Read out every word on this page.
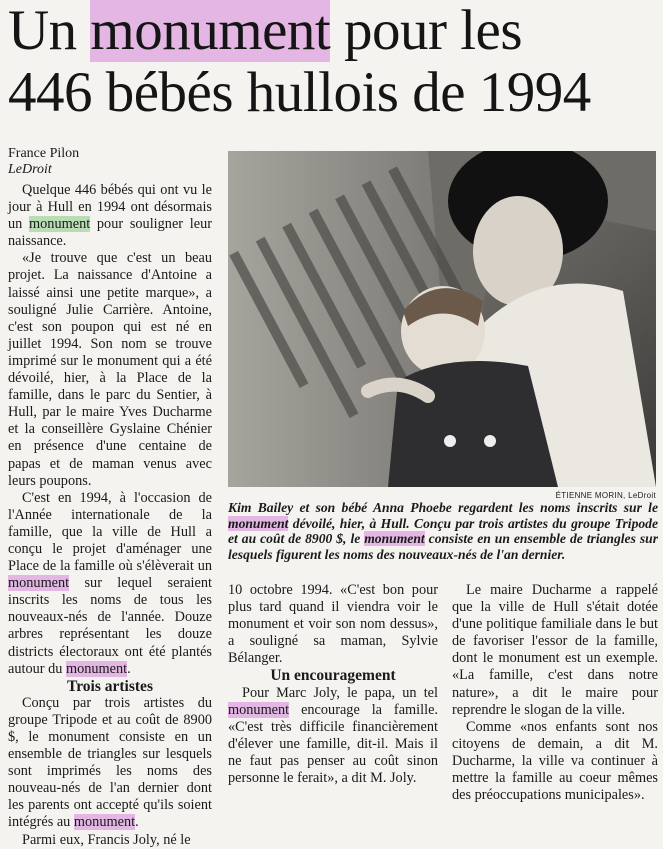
Un monument pour les
446 bébés hullois de 1994

France Pilon

LeDroit

Quelque 446 bébés qui ont vu le jour à Hull en 1994 ont désormais un monument pour souligner leur naissance.

«Je trouve que c'est un beau projet. La naissance d'Antoine a laissé ainsi une petite marque», a souligné Julie Carrière. Antoine, c'est son poupon qui est né en juillet 1994. Son nom se trouve imprimé sur le monument qui a été dévoilé, hier, à la Place de la famille, dans le parc du Sentier, à Hull, par le maire Yves Ducharme et la conseillère Gyslaine Chénier en présence d'une centaine de papas et de maman venus avec leurs poupons.

C'est en 1994, à l'occasion de l'Année internationale de la famille, que la ville de Hull a conçu le projet d'aménager une Place de la famille où s'élèverait un monument sur lequel seraient inscrits les noms de tous les nouveaux-nés de l'année. Douze arbres représentant les douze districts électoraux ont été plantés autour du monument.

Trois artistes

Conçu par trois artistes du groupe Tripode et au coût de 8900 $, le monument consiste en un ensemble de triangles sur lesquels sont imprimés les noms des nouveau-nés de l'an dernier dont les parents ont accepté qu'ils soient intégrés au monument.

Parmi eux, Francis Joly, né le

ÉTIENNE MORIN, LeDroit
Kim Bailey et son bébé Anna Phoebe regardent les noms inscrits sur le monument dévoilé, hier, à Hull. Conçu par trois artistes du groupe Tripode et au coût de 8900 $, le monument consiste en un ensemble de triangles sur lesquels figurent les noms des nouveaux-nés de l'an dernier.

10 octobre 1994. «C'est bon pour plus tard quand il viendra voir le monument et voir son nom dessus», a souligné sa maman, Sylvie Bélanger.

Un encouragement

Pour Marc Joly, le papa, un tel monument encourage la famille. «C'est très difficile financièrement d'élever une famille, dit-il. Mais il ne faut pas penser au coût sinon personne le ferait», a dit M. Joly.

Le maire Ducharme a rappelé que la ville de Hull s'était dotée d'une politique familiale dans le but de favoriser l'essor de la famille, dont le monument est un exemple. «La famille, c'est dans notre nature», a dit le maire pour reprendre le slogan de la ville.

Comme «nos enfants sont nos citoyens de demain, a dit M. Ducharme, la ville va continuer à mettre la famille au coeur mêmes des préoccupations municipales».
